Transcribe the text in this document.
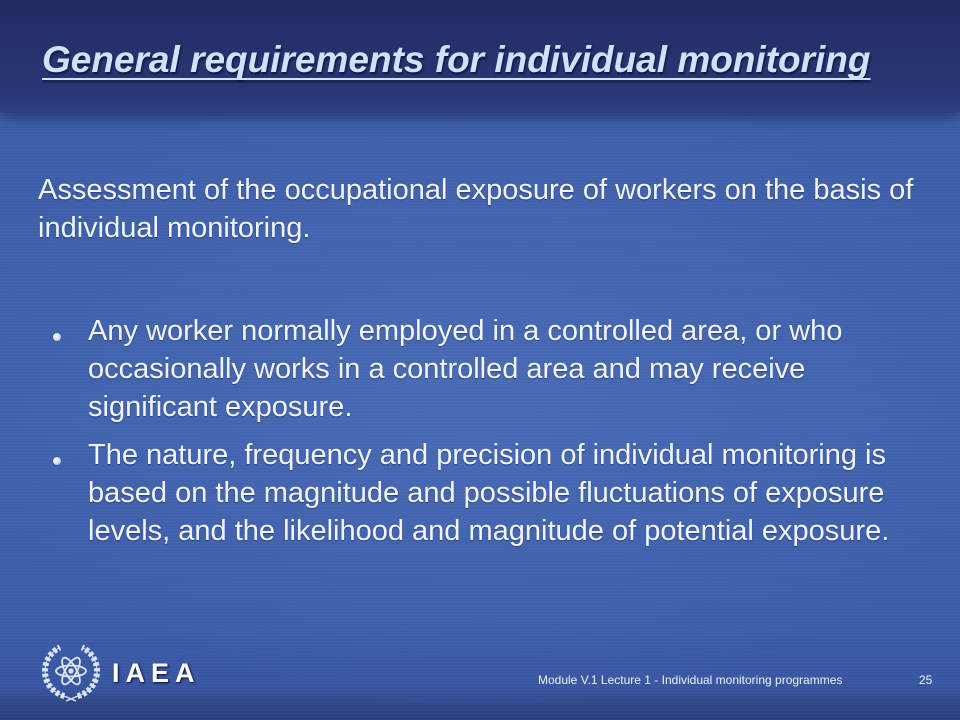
General requirements for individual monitoring
Assessment of the occupational exposure of workers on the basis of
individual monitoring.
Any worker normally employed in a controlled area, or who
occasionally works in a controlled area and may receive
significant exposure.
The nature, frequency and precision of individual monitoring is
based on the magnitude and possible fluctuations of exposure
levels, and the likelihood and magnitude of potential exposure.
IAEA	Module V.1 Lecture 1 - Individual monitoring programmes	25
